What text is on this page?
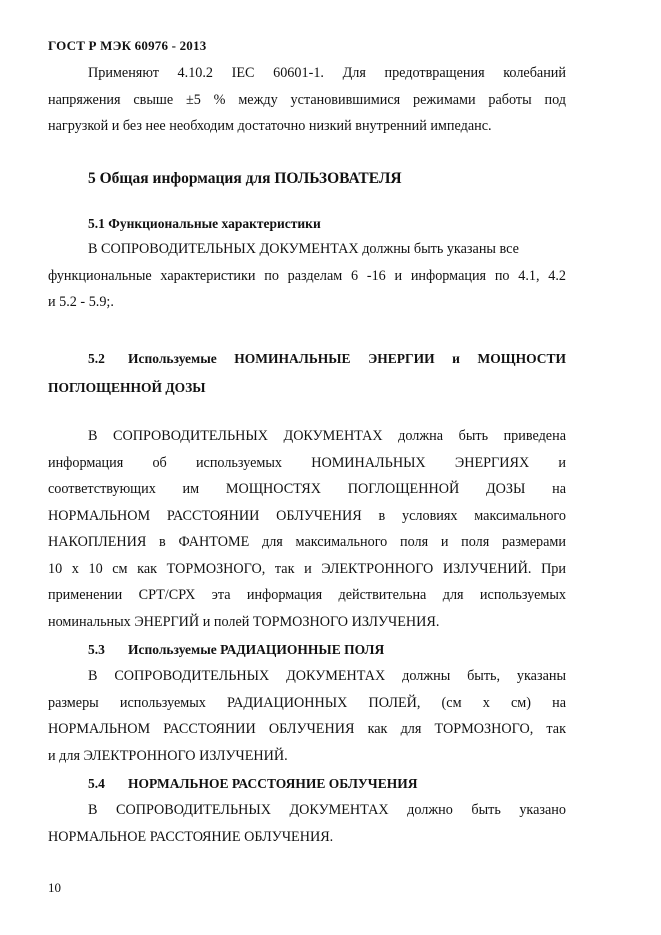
ГОСТ Р МЭК 60976 - 2013
Применяют 4.10.2 IEC 60601-1. Для предотвращения колебаний
напряжения свыше ±5 % между установившимися режимами работы под
нагрузкой и без нее необходим достаточно низкий внутренний импеданс.
5 Общая информация для ПОЛЬЗОВАТЕЛЯ
5.1 Функциональные характеристики
В СОПРОВОДИТЕЛЬНЫХ ДОКУМЕНТАХ должны быть указаны все
функциональные характеристики по разделам 6 -16 и информация по 4.1, 4.2
и 5.2 - 5.9;.
5.2 Используемые НОМИНАЛЬНЫЕ ЭНЕРГИИ и МОЩНОСТИ
ПОГЛОЩЕННОЙ ДОЗЫ
В СОПРОВОДИТЕЛЬНЫХ ДОКУМЕНТАХ должна быть приведена
информация об используемых НОМИНАЛЬНЫХ ЭНЕРГИЯХ и
соответствующих им МОЩНОСТЯХ ПОГЛОЩЕННОЙ ДОЗЫ на
НОРМАЛЬНОМ РАССТОЯНИИ ОБЛУЧЕНИЯ в условиях максимального
НАКОПЛЕНИЯ в ФАНТОМЕ для максимального поля и поля размерами
10 х 10 см как ТОРМОЗНОГО, так и ЭЛЕКТРОННОГО ИЗЛУЧЕНИЙ. При
применении СРТ/СРХ эта информация действительна для используемых
номинальных ЭНЕРГИЙ и полей ТОРМОЗНОГО ИЗЛУЧЕНИЯ.
5.3 Используемые РАДИАЦИОННЫЕ ПОЛЯ
В СОПРОВОДИТЕЛЬНЫХ ДОКУМЕНТАХ должны быть, указаны
размеры используемых РАДИАЦИОННЫХ ПОЛЕЙ, (см х см) на
НОРМАЛЬНОМ РАССТОЯНИИ ОБЛУЧЕНИЯ как для ТОРМОЗНОГО, так
и для ЭЛЕКТРОННОГО ИЗЛУЧЕНИЙ.
5.4 НОРМАЛЬНОЕ РАССТОЯНИЕ ОБЛУЧЕНИЯ
В СОПРОВОДИТЕЛЬНЫХ ДОКУМЕНТАХ должно быть указано
НОРМАЛЬНОЕ РАССТОЯНИЕ ОБЛУЧЕНИЯ.
10
